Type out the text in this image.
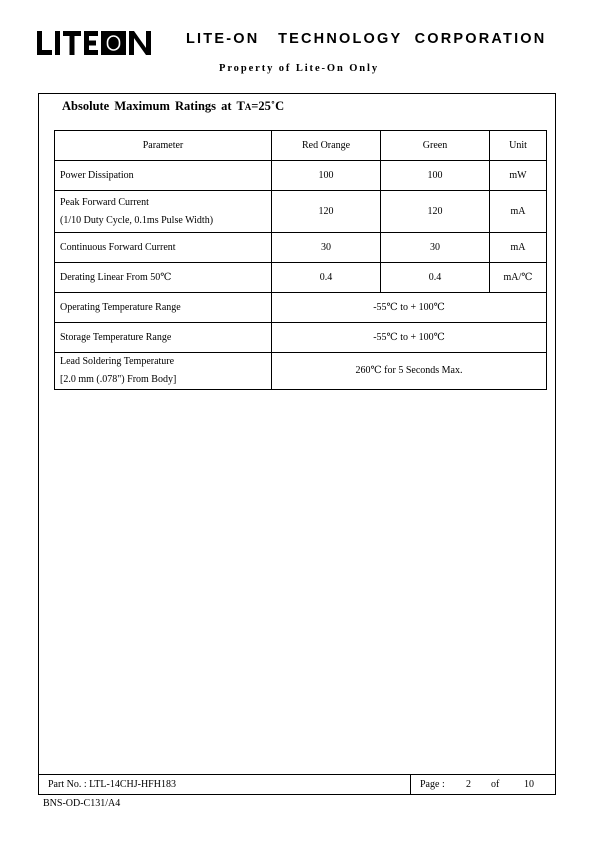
LITE-ON   TECHNOLOGY  CORPORATION
Property of Lite-On Only
Absolute Maximum Ratings at TA=25˚C
Parameter	Red Orange	Green	Unit
Power Dissipation	100	100	mW
Peak Forward Current
(1/10 Duty Cycle, 0.1ms Pulse Width)	120	120	mA
Continuous Forward Current	30	30	mA
Derating Linear From 50℃	0.4	0.4	mA/℃
Operating Temperature Range	-55℃ to + 100℃		
Storage Temperature Range	-55℃ to + 100℃		
Lead Soldering Temperature
[2.0 mm (.078") From Body]	260℃ for 5 Seconds Max.		
Part No. : LTL-14CHJ-HFH183	Page : 2 of 10
BNS-OD-C131/A4
